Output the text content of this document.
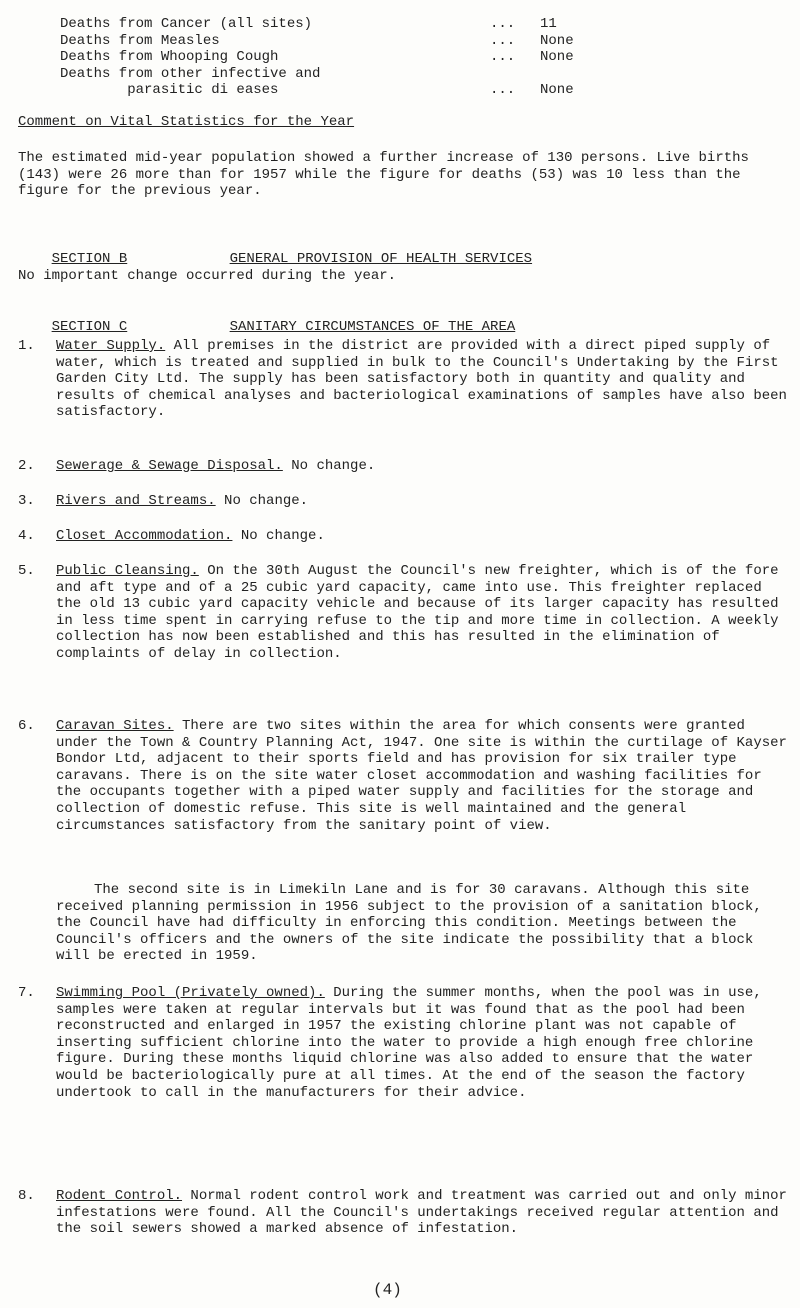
Deaths from Cancer (all sites)	...	11
Deaths from Measles	...	None
Deaths from Whooping Cough	...	None
Deaths from other infective and
parasitic di eases	...	None
Comment on Vital Statistics for the Year
The estimated mid-year population showed a further increase of 130 persons. Live births (143) were 26 more than for 1957 while the figure for deaths (53) was 10 less than the figure for the previous year.

SECTION B	GENERAL PROVISION OF HEALTH SERVICES

No important change occurred during the year.

SECTION C	SANITARY CIRCUMSTANCES OF THE AREA

1. Water Supply. All premises in the district are provided with a direct piped supply of water, which is treated and supplied in bulk to the Council's Undertaking by the First Garden City Ltd. The supply has been satisfactory both in quantity and quality and results of chemical analyses and bacteriological examinations of samples have also been satisfactory.
2. Sewerage & Sewage Disposal. No change.
3. Rivers and Streams. No change.
4. Closet Accommodation. No change.
5. Public Cleansing. On the 30th August the Council's new freighter, which is of the fore and aft type and of a 25 cubic yard capacity, came into use. This freighter replaced the old 13 cubic yard capacity vehicle and because of its larger capacity has resulted in less time spent in carrying refuse to the tip and more time in collection. A weekly collection has now been established and this has resulted in the elimination of complaints of delay in collection.
6. Caravan Sites. There are two sites within the area for which consents were granted under the Town & Country Planning Act, 1947. One site is within the curtilage of Kayser Bondor Ltd, adjacent to their sports field and has provision for six trailer type caravans. There is on the site water closet accommodation and washing facilities for the occupants together with a piped water supply and facilities for the storage and collection of domestic refuse. This site is well maintained and the general circumstances satisfactory from the sanitary point of view.
The second site is in Limekiln Lane and is for 30 caravans. Although this site received planning permission in 1956 subject to the provision of a sanitation block, the Council have had difficulty in enforcing this condition. Meetings between the Council's officers and the owners of the site indicate the possibility that a block will be erected in 1959.
7. Swimming Pool (Privately owned). During the summer months, when the pool was in use, samples were taken at regular intervals but it was found that as the pool had been reconstructed and enlarged in 1957 the existing chlorine plant was not capable of inserting sufficient chlorine into the water to provide a high enough free chlorine figure. During these months liquid chlorine was also added to ensure that the water would be bacteriologically pure at all times. At the end of the season the factory undertook to call in the manufacturers for their advice.
8. Rodent Control. Normal rodent control work and treatment was carried out and only minor infestations were found. All the Council's undertakings received regular attention and the soil sewers showed a marked absence of infestation.
(4)
